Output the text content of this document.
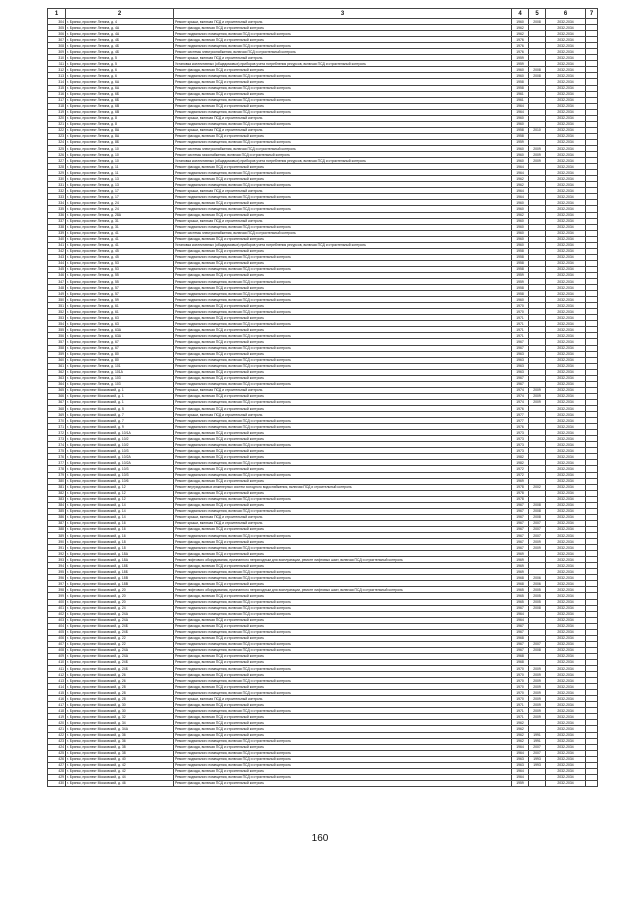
1	2	3	4	5	6	7
304	г. Брянск, проспект Ленина, д. 4	Ремонт крыши, включая ПСД и строительный контроль	1960	2008	2032-2034	
305	г. Брянск, проспект Ленина, д. 4А	Ремонт фасада, включая ПСД и строительный контроль	1962		2032-2034	
306	г. Брянск, проспект Ленина, д. 4А	Ремонт подвального помещения, включая ПСД и строительный контроль	1962		2032-2034	
307	г. Брянск, проспект Ленина, д. 4Б	Ремонт фасада, включая ПСД и строительный контроль	1976		2032-2034	
308	г. Брянск, проспект Ленина, д. 4Б	Ремонт подвального помещения, включая ПСД и строительный контроль	1976		2032-2034	
309	г. Брянск, проспект Ленина, д. 4Б	Ремонт системы электроснабжения, включая ПСД и строительный контроль	1976		2032-2034	
310	г. Брянск, проспект Ленина, д. 5	Ремонт крыши, включая ПСД и строительный контроль	1959		2032-2034	
311	г. Брянск, проспект Ленина, д. 5	Установка коллективных (общедомовых) приборов учета потребления ресурсов, включая ПСД и строительный контроль	1959		2032-2034	
312	г. Брянск, проспект Ленина, д. 6	Ремонт фасада, включая ПСД и строительный контроль	1960	2008	2032-2034	
313	г. Брянск, проспект Ленина, д. 6	Ремонт подвального помещения, включая ПСД и строительный контроль	1960	2008	2032-2034	
314	г. Брянск, проспект Ленина, д. 6А	Ремонт фасада, включая ПСД и строительный контроль	1958		2032-2034	
315	г. Брянск, проспект Ленина, д. 6А	Ремонт подвального помещения, включая ПСД и строительный контроль	1958		2032-2034	
316	г. Брянск, проспект Ленина, д. 6Б	Ремонт фасада, включая ПСД и строительный контроль	1961		2032-2034	
317	г. Брянск, проспект Ленина, д. 6Б	Ремонт подвального помещения, включая ПСД и строительный контроль	1961		2032-2034	
318	г. Брянск, проспект Ленина, д. 6В	Ремонт фасада, включая ПСД и строительный контроль	1964		2032-2034	
319	г. Брянск, проспект Ленина, д. 6В	Ремонт подвального помещения, включая ПСД и строительный контроль	1964		2032-2034	
320	г. Брянск, проспект Ленина, д. 8	Ремонт крыши, включая ПСД и строительный контроль	1960		2032-2034	
321	г. Брянск, проспект Ленина, д. 8	Ремонт подвального помещения, включая ПСД и строительный контроль	1960		2032-2034	
322	г. Брянск, проспект Ленина, д. 8А	Ремонт крыши, включая ПСД и строительный контроль	1958	2010	2032-2034	
323	г. Брянск, проспект Ленина, д. 8А	Ремонт фасада, включая ПСД и строительный контроль	1958		2032-2034	
324	г. Брянск, проспект Ленина, д. 8Б	Ремонт подвального помещения, включая ПСД и строительный контроль	1959		2032-2034	
325	г. Брянск, проспект Ленина, д. 10	Ремонт системы электроснабжения, включая ПСД и строительный контроль	1960	2009	2032-2034	
326	г. Брянск, проспект Ленина, д. 10	Ремонт системы газоснабжения, включая ПСД и строительный контроль	1960	2009	2032-2034	
327	г. Брянск, проспект Ленина, д. 10	Установка коллективных (общедомовых) приборов учета потребления ресурсов, включая ПСД и строительный контроль	1960	2009	2032-2034	
328	г. Брянск, проспект Ленина, д. 11	Ремонт фасада, включая ПСД и строительный контроль	1964		2032-2034	
329	г. Брянск, проспект Ленина, д. 11	Ремонт подвального помещения, включая ПСД и строительный контроль	1964		2032-2034	
330	г. Брянск, проспект Ленина, д. 13	Ремонт фасада, включая ПСД и строительный контроль	1962		2032-2034	
331	г. Брянск, проспект Ленина, д. 13	Ремонт подвального помещения, включая ПСД и строительный контроль	1962		2032-2034	
332	г. Брянск, проспект Ленина, д. 17	Ремонт крыши, включая ПСД и строительный контроль	1964		2032-2034	
333	г. Брянск, проспект Ленина, д. 17	Ремонт подвального помещения, включая ПСД и строительный контроль	1964		2032-2034	
334	г. Брянск, проспект Ленина, д. 24	Ремонт фасада, включая ПСД и строительный контроль	1960		2032-2034	
335	г. Брянск, проспект Ленина, д. 24	Ремонт подвального помещения, включая ПСД и строительный контроль	1960		2032-2034	
336	г. Брянск, проспект Ленина, д. 28А	Ремонт фасада, включая ПСД и строительный контроль	1962		2032-2034	
337	г. Брянск, проспект Ленина, д. 31	Ремонт крыши, включая ПСД и строительный контроль	1960		2032-2034	
338	г. Брянск, проспект Ленина, д. 31	Ремонт подвального помещения, включая ПСД и строительный контроль	1960		2032-2034	
339	г. Брянск, проспект Ленина, д. 41	Ремонт системы электроснабжения, включая ПСД и строительный контроль	1960		2032-2034	
340	г. Брянск, проспект Ленина, д. 41	Ремонт фасада, включая ПСД и строительный контроль	1960		2032-2034	
341	г. Брянск, проспект Ленина, д. 41	Установка коллективных (общедомовых) приборов учета потребления ресурсов, включая ПСД и строительный контроль	1960		2032-2034	
342	г. Брянск, проспект Ленина, д. 45	Ремонт фасада, включая ПСД и строительный контроль	1958		2032-2034	
343	г. Брянск, проспект Ленина, д. 45	Ремонт подвального помещения, включая ПСД и строительный контроль	1958		2032-2034	
344	г. Брянск, проспект Ленина, д. 53	Ремонт фасада, включая ПСД и строительный контроль	1958		2032-2034	
345	г. Брянск, проспект Ленина, д. 53	Ремонт подвального помещения, включая ПСД и строительный контроль	1958		2032-2034	
346	г. Брянск, проспект Ленина, д. 55	Ремонт фасада, включая ПСД и строительный контроль	1959		2032-2034	
347	г. Брянск, проспект Ленина, д. 55	Ремонт подвального помещения, включая ПСД и строительный контроль	1959		2032-2034	
348	г. Брянск, проспект Ленина, д. 57	Ремонт фасада, включая ПСД и строительный контроль	1958		2032-2034	
349	г. Брянск, проспект Ленина, д. 57	Ремонт подвального помещения, включая ПСД и строительный контроль	1958		2032-2034	
350	г. Брянск, проспект Ленина, д. 59	Ремонт подвального помещения, включая ПСД и строительный контроль	1960		2032-2034	
351	г. Брянск, проспект Ленина, д. 61	Ремонт фасада, включая ПСД и строительный контроль	1970		2032-2034	
352	г. Брянск, проспект Ленина, д. 61	Ремонт подвального помещения, включая ПСД и строительный контроль	1970		2032-2034	
353	г. Брянск, проспект Ленина, д. 63	Ремонт фасада, включая ПСД и строительный контроль	1971		2032-2034	
354	г. Брянск, проспект Ленина, д. 63	Ремонт подвального помещения, включая ПСД и строительный контроль	1971		2032-2034	
355	г. Брянск, проспект Ленина, д. 63А	Ремонт фасада, включая ПСД и строительный контроль	1971		2032-2034	
356	г. Брянск, проспект Ленина, д. 63А	Ремонт подвального помещения, включая ПСД и строительный контроль	1971		2032-2034	
357	г. Брянск, проспект Ленина, д. 67	Ремонт фасада, включая ПСД и строительный контроль	1967		2032-2034	
358	г. Брянск, проспект Ленина, д. 67	Ремонт подвального помещения, включая ПСД и строительный контроль	1967		2032-2034	
359	г. Брянск, проспект Ленина, д. 80	Ремонт фасада, включая ПСД и строительный контроль	1963		2032-2034	
360	г. Брянск, проспект Ленина, д. 80	Ремонт подвального помещения, включая ПСД и строительный контроль	1963		2032-2034	
361	г. Брянск, проспект Ленина, д. 101	Ремонт подвального помещения, включая ПСД и строительный контроль	1963		2032-2034	
362	г. Брянск, проспект Ленина, д. 101А	Ремонт фасада, включая ПСД и строительный контроль	1963		2032-2034	
363	г. Брянск, проспект Ленина, д. 103	Ремонт фасада, включая ПСД и строительный контроль	1967		2032-2034	
364	г. Брянск, проспект Ленина, д. 103	Ремонт подвального помещения, включая ПСД и строительный контроль	1967		2032-2034	
365	г. Брянск, проспект Московский, д. 1	Ремонт крыши, включая ПСД и строительный контроль	1974	2009	2032-2034	
366	г. Брянск, проспект Московский, д. 1	Ремонт фасада, включая ПСД и строительный контроль	1974	2009	2032-2034	
367	г. Брянск, проспект Московский, д. 1	Ремонт подвального помещения, включая ПСД и строительный контроль	1974	2009	2032-2034	
368	г. Брянск, проспект Московский, д. 5	Ремонт фасада, включая ПСД и строительный контроль	1976		2032-2034	
369	г. Брянск, проспект Московский, д. 7	Ремонт крыши, включая ПСД и строительный контроль	1977		2032-2034	
370	г. Брянск, проспект Московский, д. 7	Ремонт подвального помещения, включая ПСД и строительный контроль	1977		2032-2034	
371	г. Брянск, проспект Московский, д. 9	Ремонт подвального помещения, включая ПСД и строительный контроль	1976		2032-2034	
372	г. Брянск, проспект Московский, д. 10/1А	Ремонт фасада, включая ПСД и строительный контроль	1973		2032-2034	
373	г. Брянск, проспект Московский, д. 10/2	Ремонт фасада, включая ПСД и строительный контроль	1973		2032-2034	
374	г. Брянск, проспект Московский, д. 10/2	Ремонт подвального помещения, включая ПСД и строительный контроль	1973		2032-2034	
375	г. Брянск, проспект Московский, д. 10/3	Ремонт фасада, включая ПСД и строительный контроль	1973		2032-2034	
376	г. Брянск, проспект Московский, д. 10/2А	Ремонт фасада, включая ПСД и строительный контроль	1982		2032-2034	
377	г. Брянск, проспект Московский, д. 10/2А	Ремонт подвального помещения, включая ПСД и строительный контроль	1982		2032-2034	
378	г. Брянск, проспект Московский, д. 10/3	Ремонт фасада, включая ПСД и строительный контроль	1972		2032-2034	
379	г. Брянск, проспект Московский, д. 10/3	Ремонт подвального помещения, включая ПСД и строительный контроль	1972		2032-2034	
380	г. Брянск, проспект Московский, д. 10/6	Ремонт фасада, включая ПСД и строительный контроль	1969		2032-2034	
381	г. Брянск, проспект Московский, д. 12	Ремонт внутридомовых инженерных систем холодного водоснабжения, включая ПСД и строительный контроль	1978	2002	2032-2034	
382	г. Брянск, проспект Московский, д. 12	Ремонт фасада, включая ПСД и строительный контроль	1978		2032-2034	
383	г. Брянск, проспект Московский, д. 12	Ремонт подвального помещения, включая ПСД и строительный контроль	1978		2032-2034	
384	г. Брянск, проспект Московский, д. 14	Ремонт фасада, включая ПСД и строительный контроль	1967	2008	2032-2034	
385	г. Брянск, проспект Московский, д. 14	Ремонт подвального помещения, включая ПСД и строительный контроль	1967	2008	2032-2034	
386	г. Брянск, проспект Московский, д. 14	Ремонт крыши, включая ПСД и строительный контроль	1967	2008	2032-2034	
387	г. Брянск, проспект Московский, д. 16	Ремонт крыши, включая ПСД и строительный контроль	1967	2007	2032-2034	
388	г. Брянск, проспект Московский, д. 16	Ремонт фасада, включая ПСД и строительный контроль	1967	2007	2032-2034	
389	г. Брянск, проспект Московский, д. 16	Ремонт подвального помещения, включая ПСД и строительный контроль	1967	2007	2032-2034	
390	г. Брянск, проспект Московский, д. 18	Ремонт фасада, включая ПСД и строительный контроль	1967	2009	2032-2034	
391	г. Брянск, проспект Московский, д. 18	Ремонт подвального помещения, включая ПСД и строительный контроль	1967	2009	2032-2034	
392	г. Брянск, проспект Московский, д. 18А	Ремонт фасада, включая ПСД и строительный контроль	1969		2032-2034	
393	г. Брянск, проспект Московский, д. 18А	Ремонт лифтового оборудования, признанного непригодным для эксплуатации, ремонт лифтовых шахт, включая ПСД и строительный контроль	1969		2032-2034	
394	г. Брянск, проспект Московский, д. 18Б	Ремонт фасада, включая ПСД и строительный контроль	1969		2032-2034	
395	г. Брянск, проспект Московский, д. 18Б	Ремонт подвального помещения, включая ПСД и строительный контроль	1969		2032-2034	
396	г. Брянск, проспект Московский, д. 18В	Ремонт подвального помещения, включая ПСД и строительный контроль	1968	2006	2032-2034	
397	г. Брянск, проспект Московский, д. 18В	Ремонт фасада, включая ПСД и строительный контроль	1968	2006	2032-2034	
398	г. Брянск, проспект Московский, д. 20	Ремонт лифтового оборудования, признанного непригодным для эксплуатации, ремонт лифтовых шахт, включая ПСД и строительный контроль	1965	2005	2032-2034	
399	г. Брянск, проспект Московский, д. 20	Ремонт фасада, включая ПСД и строительный контроль	1965	2005	2032-2034	
400	г. Брянск, проспект Московский, д. 20	Ремонт подвального помещения, включая ПСД и строительный контроль	1965	2005	2032-2034	
401	г. Брянск, проспект Московский, д. 24	Ремонт подвального помещения, включая ПСД и строительный контроль	1967	2008	2032-2034	
402	г. Брянск, проспект Московский, д. 24А	Ремонт подвального помещения, включая ПСД и строительный контроль	1964		2032-2034	
403	г. Брянск, проспект Московский, д. 24А	Ремонт фасада, включая ПСД и строительный контроль	1964		2032-2034	
404	г. Брянск, проспект Московский, д. 24Б	Ремонт фасада, включая ПСД и строительный контроль	1967		2032-2034	
405	г. Брянск, проспект Московский, д. 24Б	Ремонт подвального помещения, включая ПСД и строительный контроль	1967		2032-2034	
406	г. Брянск, проспект Московский, д. 22	Ремонт фасада, включая ПСД и строительный контроль	1968		2032-2034	
407	г. Брянск, проспект Московский, д. 22	Ремонт подвального помещения, включая ПСД и строительный контроль	1967	2007	2032-2034	
408	г. Брянск, проспект Московский, д. 24А	Ремонт подвального помещения, включая ПСД и строительный контроль	1967	2008	2032-2034	
409	г. Брянск, проспект Московский, д. 24А	Ремонт фасада, включая ПСД и строительный контроль	1968		2032-2034	
410	г. Брянск, проспект Московский, д. 24Б	Ремонт фасада, включая ПСД и строительный контроль	1968		2032-2034	
411	г. Брянск, проспект Московский, д. 24Б	Ремонт подвального помещения, включая ПСД и строительный контроль	1970	2009	2032-2034	
412	г. Брянск, проспект Московский, д. 26	Ремонт фасада, включая ПСД и строительный контроль	1970	2009	2032-2034	
413	г. Брянск, проспект Московский, д. 26	Ремонт подвального помещения, включая ПСД и строительный контроль	1970	2009	2032-2034	
414	г. Брянск, проспект Московский, д. 28	Ремонт фасада, включая ПСД и строительный контроль	1970	2009	2032-2034	
415	г. Брянск, проспект Московский, д. 28	Ремонт подвального помещения, включая ПСД и строительный контроль	1970	2009	2032-2034	
416	г. Брянск, проспект Московский, д. 28	Ремонт крыши, включая ПСД и строительный контроль	1970	2009	2032-2034	
417	г. Брянск, проспект Московский, д. 30	Ремонт фасада, включая ПСД и строительный контроль	1971	2009	2032-2034	
418	г. Брянск, проспект Московский, д. 30	Ремонт подвального помещения, включая ПСД и строительный контроль	1971	2009	2032-2034	
419	г. Брянск, проспект Московский, д. 32	Ремонт фасада, включая ПСД и строительный контроль	1971	2009	2032-2034	
420	г. Брянск, проспект Московский, д. 34	Ремонт фасада, включая ПСД и строительный контроль	1962		2032-2034	
421	г. Брянск, проспект Московский, д. 34А	Ремонт фасада, включая ПСД и строительный контроль	1962		2032-2034	
422	г. Брянск, проспект Московский, д. 36	Ремонт фасада, включая ПСД и строительный контроль	1962	1991	2032-2034	
423	г. Брянск, проспект Московский, д. 36	Ремонт подвального помещения, включая ПСД и строительный контроль	1962	1991	2032-2034	
424	г. Брянск, проспект Московский, д. 38	Ремонт фасада, включая ПСД и строительный контроль	1964	2007	2032-2034	
425	г. Брянск, проспект Московский, д. 38	Ремонт подвального помещения, включая ПСД и строительный контроль	1964	2007	2032-2034	
426	г. Брянск, проспект Московский, д. 40	Ремонт подвального помещения, включая ПСД и строительный контроль	1963	1993	2032-2034	
427	г. Брянск, проспект Московский, д. 42	Ремонт подвального помещения, включая ПСД и строительный контроль	1963	1993	2032-2034	
428	г. Брянск, проспект Московский, д. 42	Ремонт фасада, включая ПСД и строительный контроль	1964		2032-2034	
429	г. Брянск, проспект Московский, д. 44	Ремонт подвального помещения, включая ПСД и строительный контроль	1964		2032-2034	
430	г. Брянск, проспект Московский, д. 46	Ремонт фасада, включая ПСД и строительный контроль	1959		2032-2034	
160
